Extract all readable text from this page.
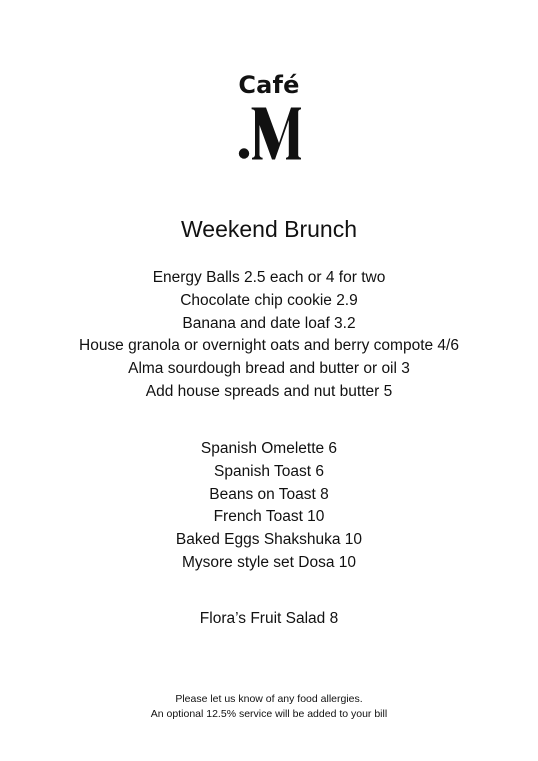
Café
Weekend Brunch
Energy Balls 2.5 each or 4 for two
Chocolate chip cookie 2.9
Banana and date loaf 3.2
House granola or overnight oats and berry compote 4/6
Alma sourdough bread and butter or oil 3
Add house spreads and nut butter 5
Spanish Omelette 6
Spanish Toast 6
Beans on Toast 8
French Toast 10
Baked Eggs Shakshuka 10
Mysore style set Dosa 10
Flora’s Fruit Salad 8
Please let us know of any food allergies.
An optional 12.5% service will be added to your bill
